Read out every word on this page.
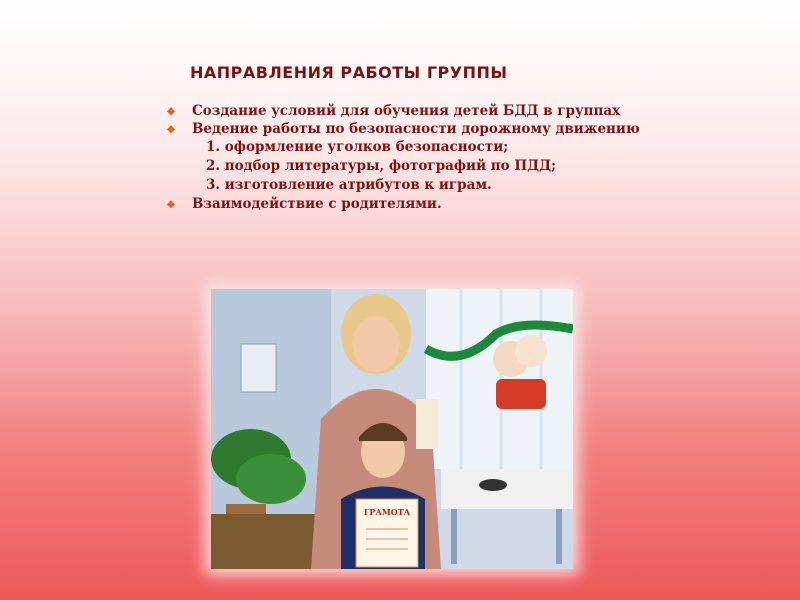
НАПРАВЛЕНИЯ РАБОТЫ ГРУППЫ
❖ Создание условий для обучения детей БДД в группах
❖ Ведение работы по безопасности дорожному движению
1. оформление уголков безопасности;
2. подбор литературы, фотографий по ПДД;
3. изготовление атрибутов к играм.
❖ Взаимодействие с родителями.
ГРАМОТА
